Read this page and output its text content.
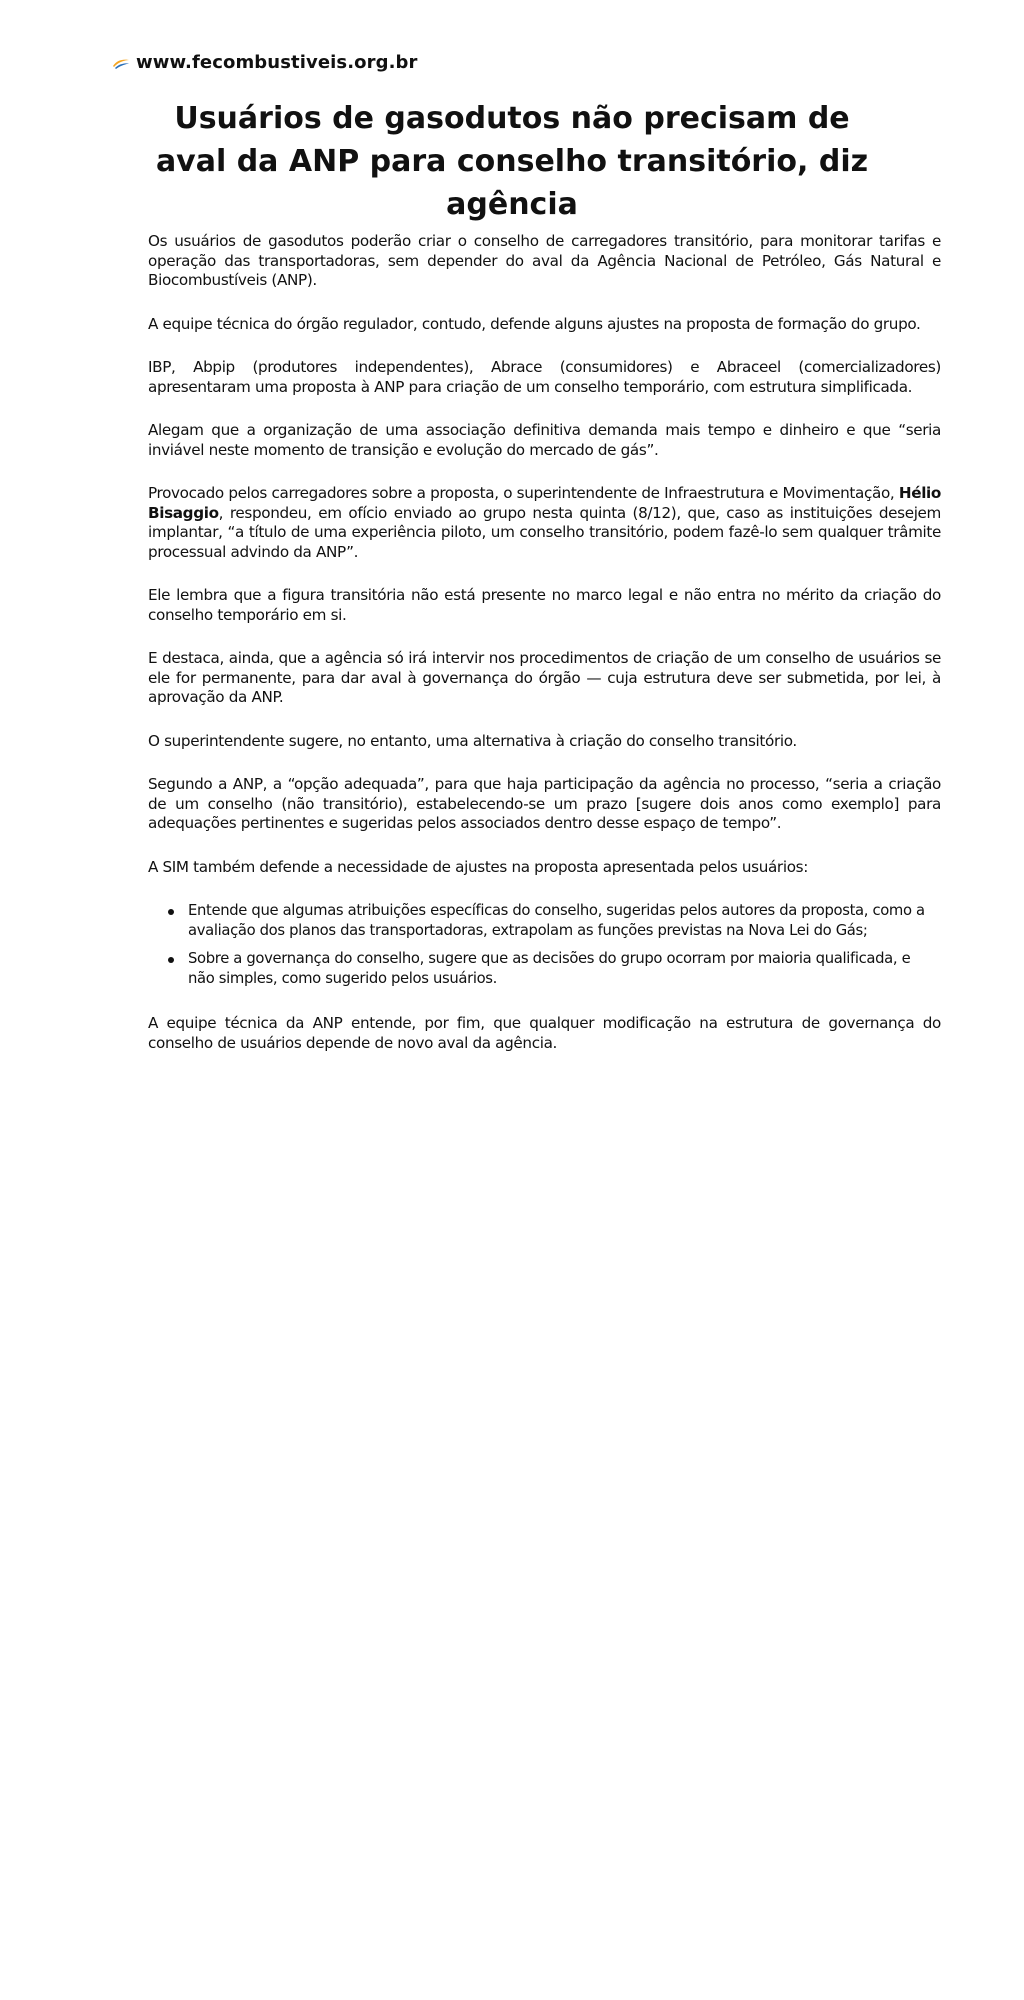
www.fecombustiveis.org.br
Usuários de gasodutos não precisam de aval da ANP para conselho transitório, diz agência

Os usuários de gasodutos poderão criar o conselho de carregadores transitório, para monitorar tarifas e operação das transportadoras, sem depender do aval da Agência Nacional de Petróleo, Gás Natural e Biocombustíveis (ANP).

A equipe técnica do órgão regulador, contudo, defende alguns ajustes na proposta de formação do grupo.

IBP, Abpip (produtores independentes), Abrace (consumidores) e Abraceel (comercializadores) apresentaram uma proposta à ANP para criação de um conselho temporário, com estrutura simplificada.

Alegam que a organização de uma associação definitiva demanda mais tempo e dinheiro e que “seria inviável neste momento de transição e evolução do mercado de gás”.

Provocado pelos carregadores sobre a proposta, o superintendente de Infraestrutura e Movimentação, Hélio Bisaggio, respondeu, em ofício enviado ao grupo nesta quinta (8/12), que, caso as instituições desejem implantar, “a título de uma experiência piloto, um conselho transitório, podem fazê-lo sem qualquer trâmite processual advindo da ANP”.

Ele lembra que a figura transitória não está presente no marco legal e não entra no mérito da criação do conselho temporário em si.

E destaca, ainda, que a agência só irá intervir nos procedimentos de criação de um conselho de usuários se ele for permanente, para dar aval à governança do órgão — cuja estrutura deve ser submetida, por lei, à aprovação da ANP.

O superintendente sugere, no entanto, uma alternativa à criação do conselho transitório.

Segundo a ANP, a “opção adequada”, para que haja participação da agência no processo, “seria a criação de um conselho (não transitório), estabelecendo-se um prazo [sugere dois anos como exemplo] para adequações pertinentes e sugeridas pelos associados dentro desse espaço de tempo”.

A SIM também defende a necessidade de ajustes na proposta apresentada pelos usuários:

Entende que algumas atribuições específicas do conselho, sugeridas pelos autores da proposta, como a avaliação dos planos das transportadoras, extrapolam as funções previstas na Nova Lei do Gás;
Sobre a governança do conselho, sugere que as decisões do grupo ocorram por maioria qualificada, e não simples, como sugerido pelos usuários.

A equipe técnica da ANP entende, por fim, que qualquer modificação na estrutura de governança do conselho de usuários depende de novo aval da agência.
